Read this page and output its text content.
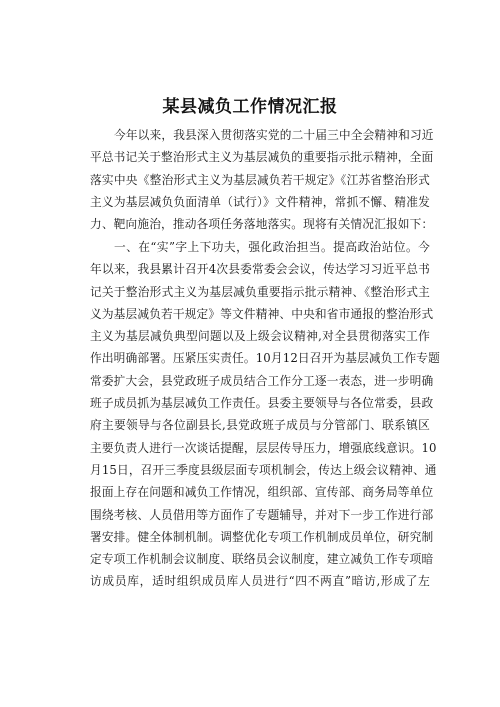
某县减负工作情况汇报
今年以来，我县深入贯彻落实党的二十届三中全会精神和习近
平总书记关于整治形式主义为基层减负的重要指示批示精神，全面
落实中央《整治形式主义为基层减负若干规定》《江苏省整治形式
主义为基层减负负面清单（试行）》文件精神，常抓不懈、精准发
力、靶向施治，推动各项任务落地落实。现将有关情况汇报如下：
一、在“实”字上下功夫，强化政治担当。提高政治站位。今
年以来，我县累计召开4次县委常委会会议，传达学习习近平总书
记关于整治形式主义为基层减负重要指示批示精神、《整治形式主
义为基层减负若干规定》等文件精神、中央和省市通报的整治形式
主义为基层减负典型问题以及上级会议精神,对全县贯彻落实工作
作出明确部署。压紧压实责任。10月12日召开为基层减负工作专题
常委扩大会，县党政班子成员结合工作分工逐一表态，进一步明确
班子成员抓为基层减负工作责任。县委主要领导与各位常委，县政
府主要领导与各位副县长,县党政班子成员与分管部门、联系镇区
主要负责人进行一次谈话提醒，层层传导压力，增强底线意识。10
月15日，召开三季度县级层面专项机制会，传达上级会议精神、通
报面上存在问题和减负工作情况，组织部、宣传部、商务局等单位
围绕考核、人员借用等方面作了专题辅导，并对下一步工作进行部
署安排。健全体制机制。调整优化专项工作机制成员单位，研究制
定专项工作机制会议制度、联络员会议制度，建立减负工作专项暗
访成员库，适时组织成员库人员进行“四不两直”暗访,形成了左
